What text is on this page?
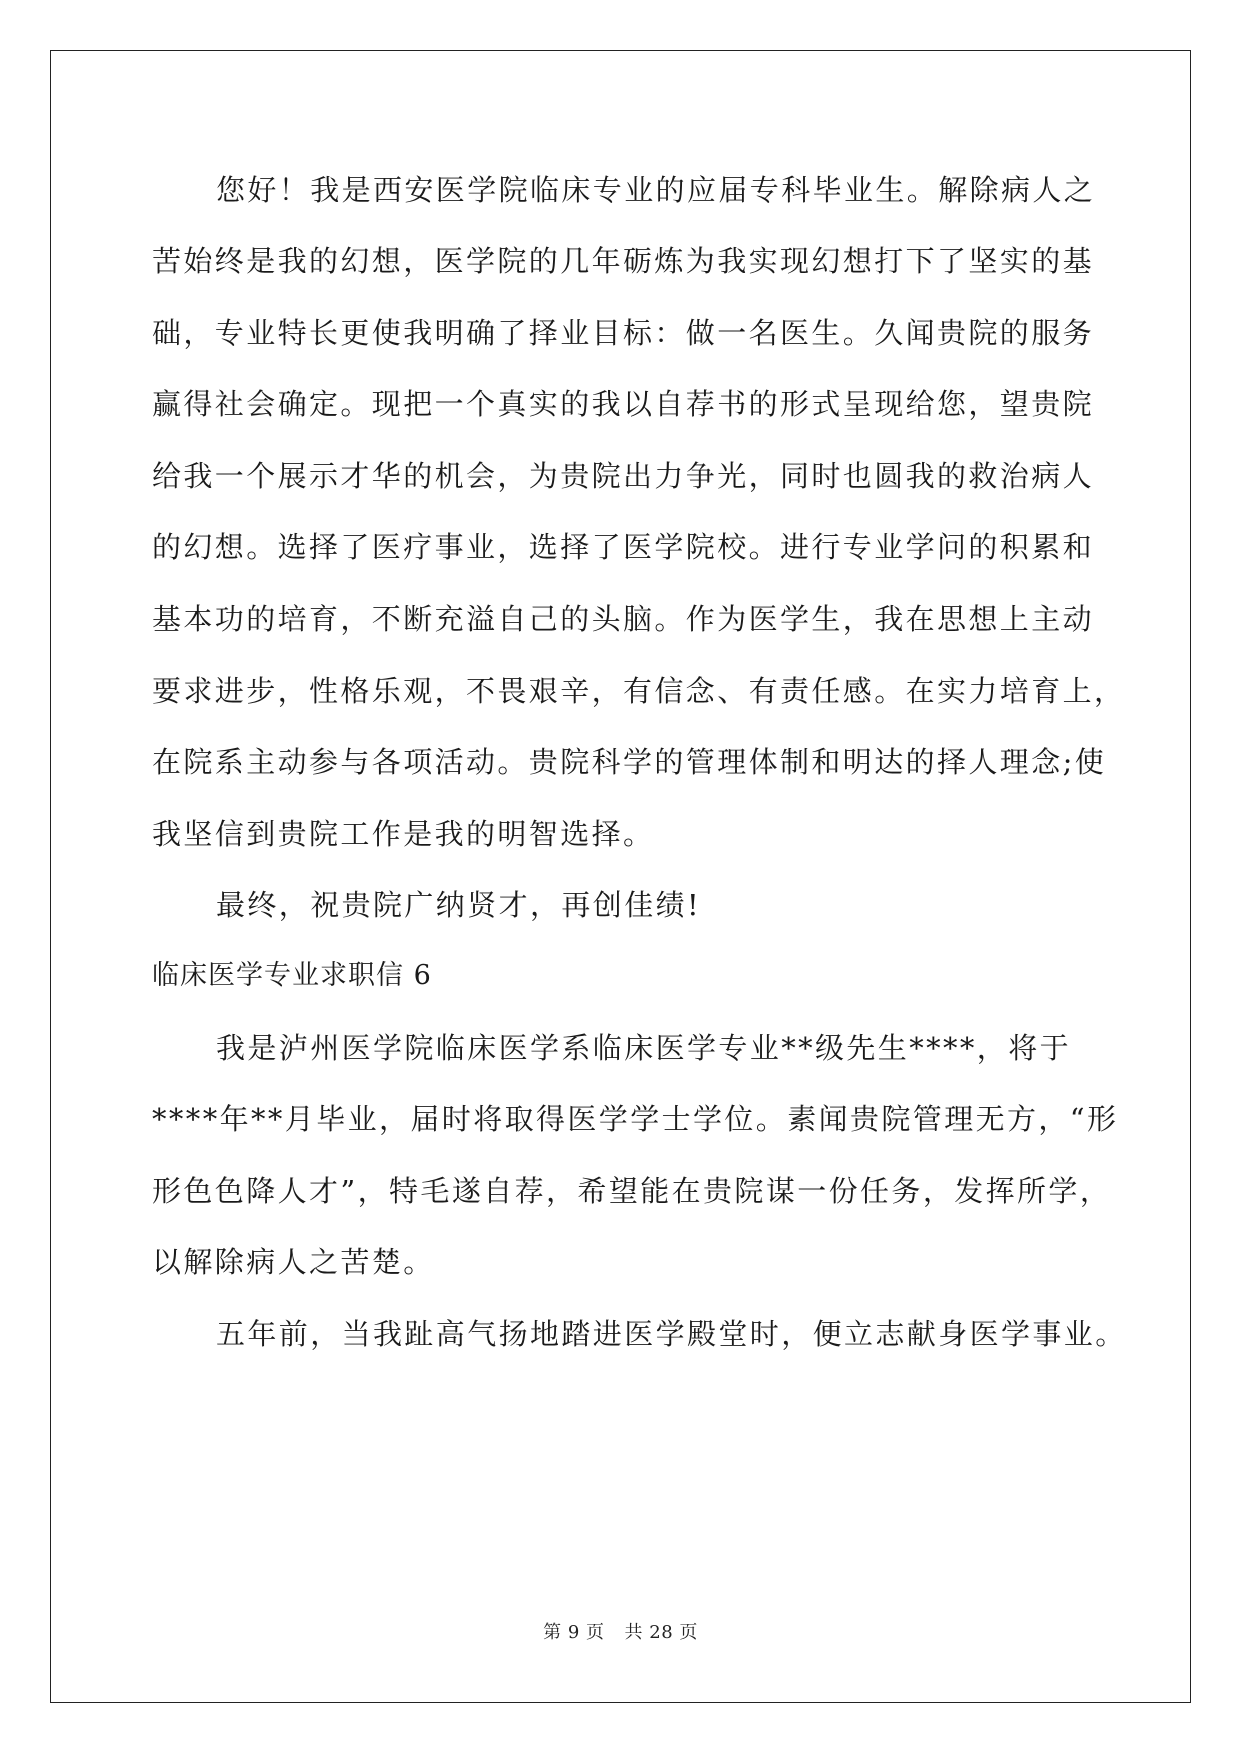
您好！我是西安医学院临床专业的应届专科毕业生。解除病人之
苦始终是我的幻想，医学院的几年砺炼为我实现幻想打下了坚实的基
础，专业特长更使我明确了择业目标：做一名医生。久闻贵院的服务
赢得社会确定。现把一个真实的我以自荐书的形式呈现给您，望贵院
给我一个展示才华的机会，为贵院出力争光，同时也圆我的救治病人
的幻想。选择了医疗事业，选择了医学院校。进行专业学问的积累和
基本功的培育，不断充溢自己的头脑。作为医学生，我在思想上主动
要求进步，性格乐观，不畏艰辛，有信念、有责任感。在实力培育上，
在院系主动参与各项活动。贵院科学的管理体制和明达的择人理念;使
我坚信到贵院工作是我的明智选择。
最终，祝贵院广纳贤才，再创佳绩!
临床医学专业求职信 6
我是泸州医学院临床医学系临床医学专业**级先生****，将于
****年**月毕业，届时将取得医学学士学位。素闻贵院管理无方，“形
形色色降人才”，特毛遂自荐，希望能在贵院谋一份任务，发挥所学，
以解除病人之苦楚。
五年前，当我趾高气扬地踏进医学殿堂时，便立志献身医学事业。
第 9 页 共 28 页
